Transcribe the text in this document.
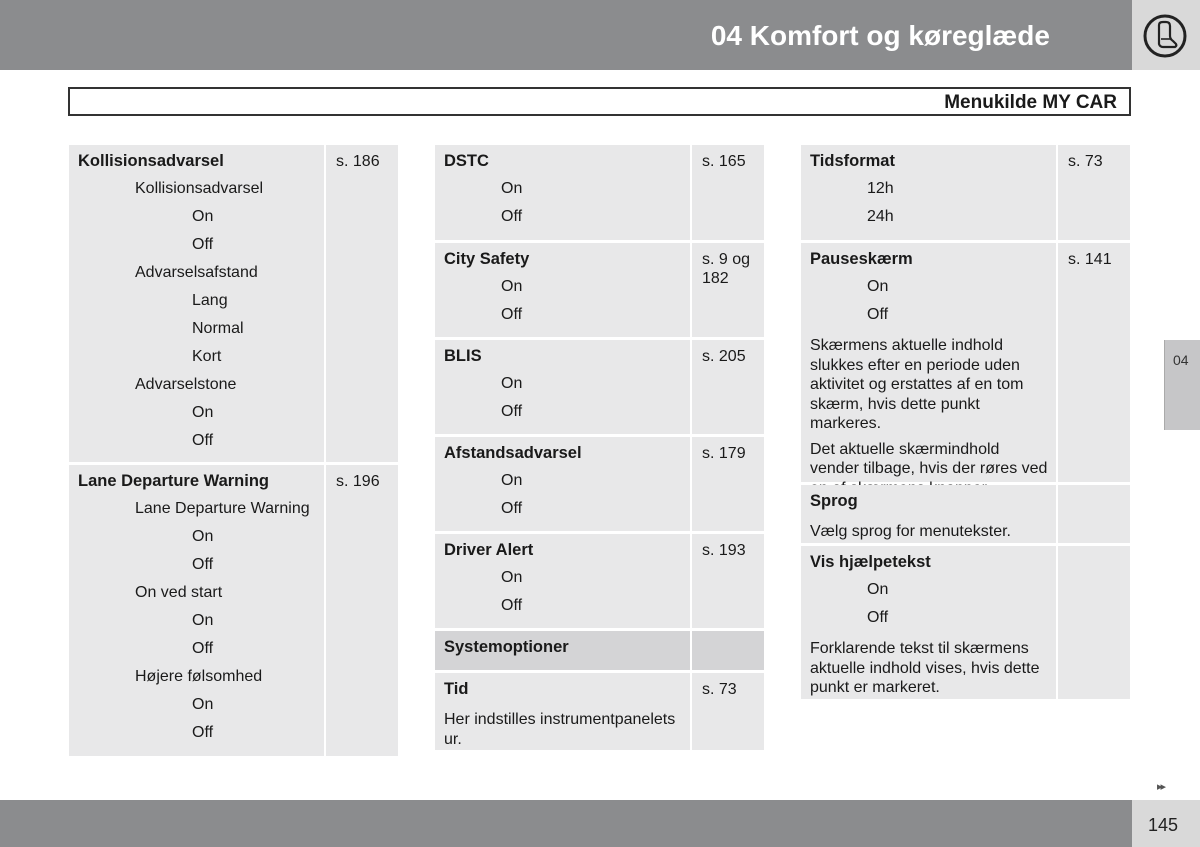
04 Komfort og køreglæde
Menukilde MY CAR
Kollisionsadvarsel
Kollisionsadvarsel
On
Off
Advarselsafstand
Lang
Normal
Kort
Advarselstone
On
Off
s. 186
Lane Departure Warning
Lane Departure Warning
On
Off
On ved start
On
Off
Højere følsomhed
On
Off
s. 196
DSTC
On
Off
s. 165
City Safety
On
Off
s. 9 og 182
BLIS
On
Off
s. 205
Afstandsadvarsel
On
Off
s. 179
Driver Alert
On
Off
s. 193
Systemoptioner
Tid
Her indstilles instrumentpanelets ur.
s. 73
Tidsformat
12h
24h
s. 73
Pauseskærm
On
Off
Skærmens aktuelle indhold slukkes efter en periode uden aktivitet og erstattes af en tom skærm, hvis dette punkt markeres.
Det aktuelle skærmindhold vender tilbage, hvis der røres ved
s. 141
Sprog
Vælg sprog for menutekster.
Vis hjælpetekst
On
Off
Forklarende tekst til skærmens aktuelle indhold vises, hvis dette punkt er markeret.
04
▸▸
145
